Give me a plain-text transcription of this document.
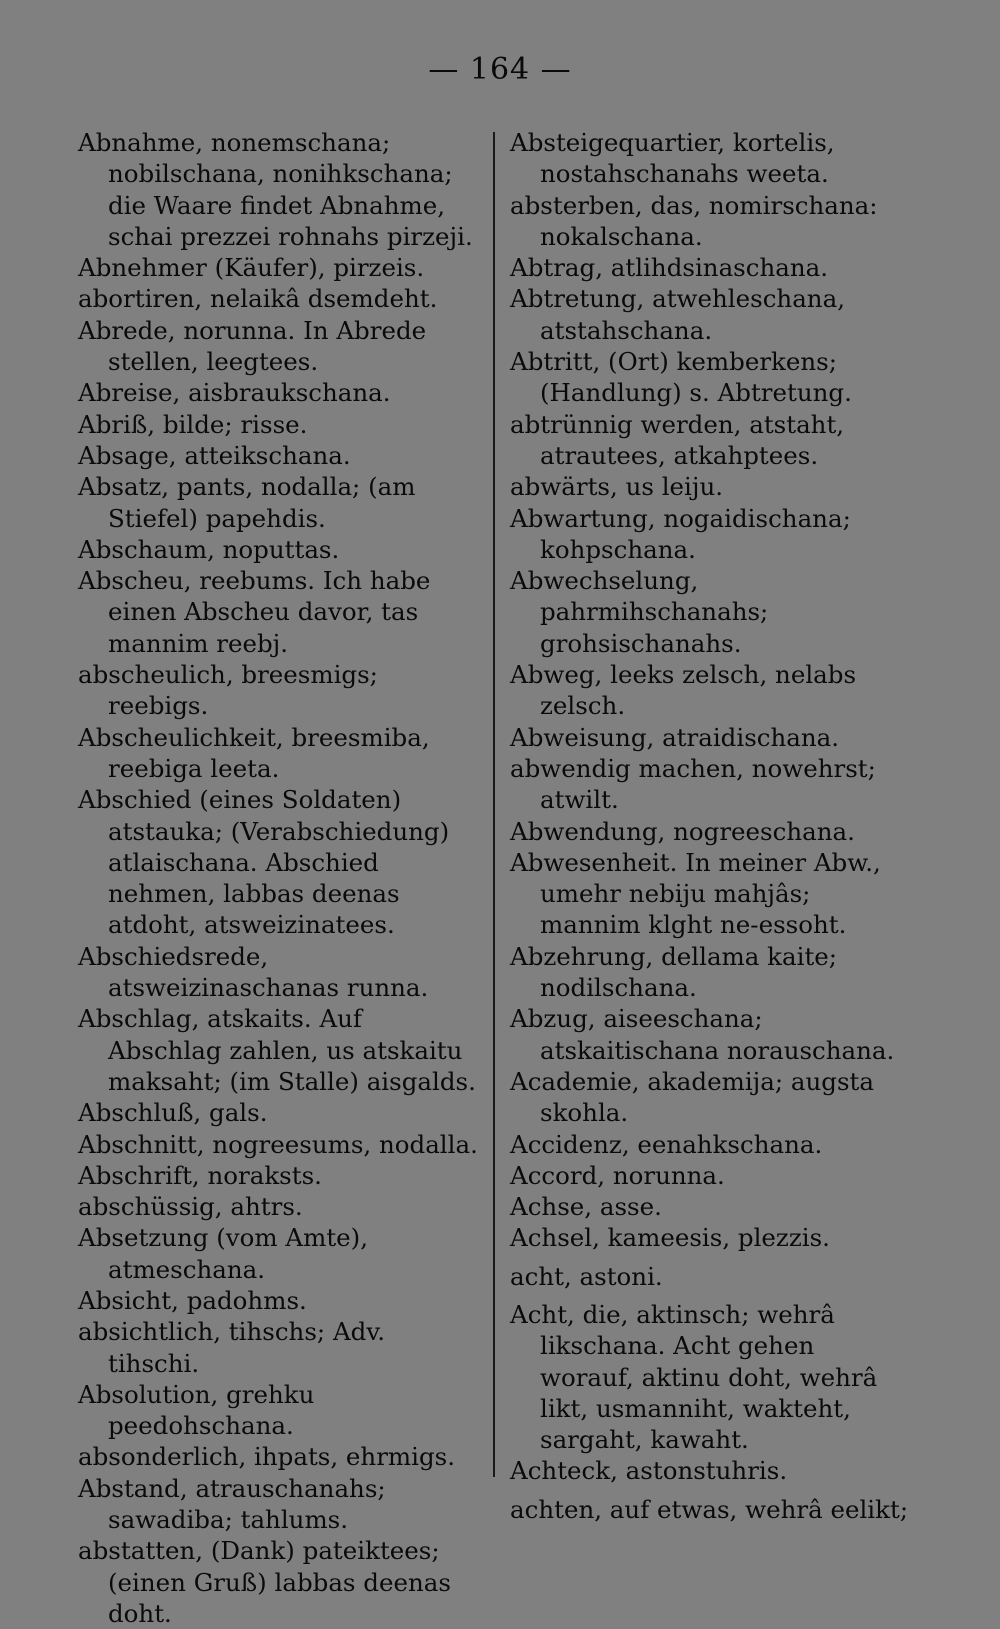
— 164 —
Abnahme, nonemschana; nobilschana, nonihkschana; die Waare findet Abnahme, schai prezzei rohnahs pirzeji.
Abnehmer (Käufer), pirzeis.
abortiren, nelaikâ dsemdeht.
Abrede, norunna. In Abrede stellen, leegtees.
Abreise, aisbraukschana.
Abriß, bilde; risse.
Absage, atteikschana.
Absatz, pants, nodalla; (am Stiefel) papehdis.
Abschaum, noputtas.
Abscheu, reebums. Ich habe einen Abscheu davor, tas mannim reebj.
abscheulich, breesmigs; reebigs.
Abscheulichkeit, breesmiba, reebiga leeta.
Abschied (eines Soldaten) atstauka; (Verabschiedung) atlaischana. Abschied nehmen, labbas deenas atdoht, atsweizinatees.
Abschiedsrede, atsweizinaschanas runna.
Abschlag, atskaits. Auf Abschlag zahlen, us atskaitu maksaht; (im Stalle) aisgalds.
Abschluß, gals.
Abschnitt, nogreesums, nodalla.
Abschrift, noraksts.
abschüssig, ahtrs.
Absetzung (vom Amte), atmeschana.
Absicht, padohms.
absichtlich, tihschs; Adv. tihschi.
Absolution, grehku peedohschana.
absonderlich, ihpats, ehrmigs.
Abstand, atrauschanahs; sawadiba; tahlums.
abstatten, (Dank) pateiktees; (einen Gruß) labbas deenas doht.
Absteigequartier, kortelis, nostahschanahs weeta.
absterben, das, nomirschana: nokalschana.
Abtrag, atlihdsinaschana.
Abtretung, atwehleschana, atstahschana.
Abtritt, (Ort) kemberkens; (Handlung) s. Abtretung.
abtrünnig werden, atstaht, atrautees, atkahptees.
abwärts, us leiju.
Abwartung, nogaidischana; kohpschana.
Abwechselung, pahrmihschanahs; grohsischanahs.
Abweg, leeks zelsch, nelabs zelsch.
Abweisung, atraidischana.
abwendig machen, nowehrst; atwilt.
Abwendung, nogreeschana.
Abwesenheit. In meiner Abw., umehr nebiju mahjâs; mannim klght ne-essoht.
Abzehrung, dellama kaite; nodilschana.
Abzug, aiseeschana; atskaitischana norauschana.
Academie, akademija; augsta skohla.
Accidenz, eenahkschana.
Accord, norunna.
Achse, asse.
Achsel, kameesis, plezzis.
acht, astoni.
Acht, die, aktinsch; wehrâ likschana. Acht gehen worauf, aktinu doht, wehrâ likt, usmanniht, wakteht, sargaht, kawaht.
Achteck, astonstuhris.
achten, auf etwas, wehrâ eelikt;
